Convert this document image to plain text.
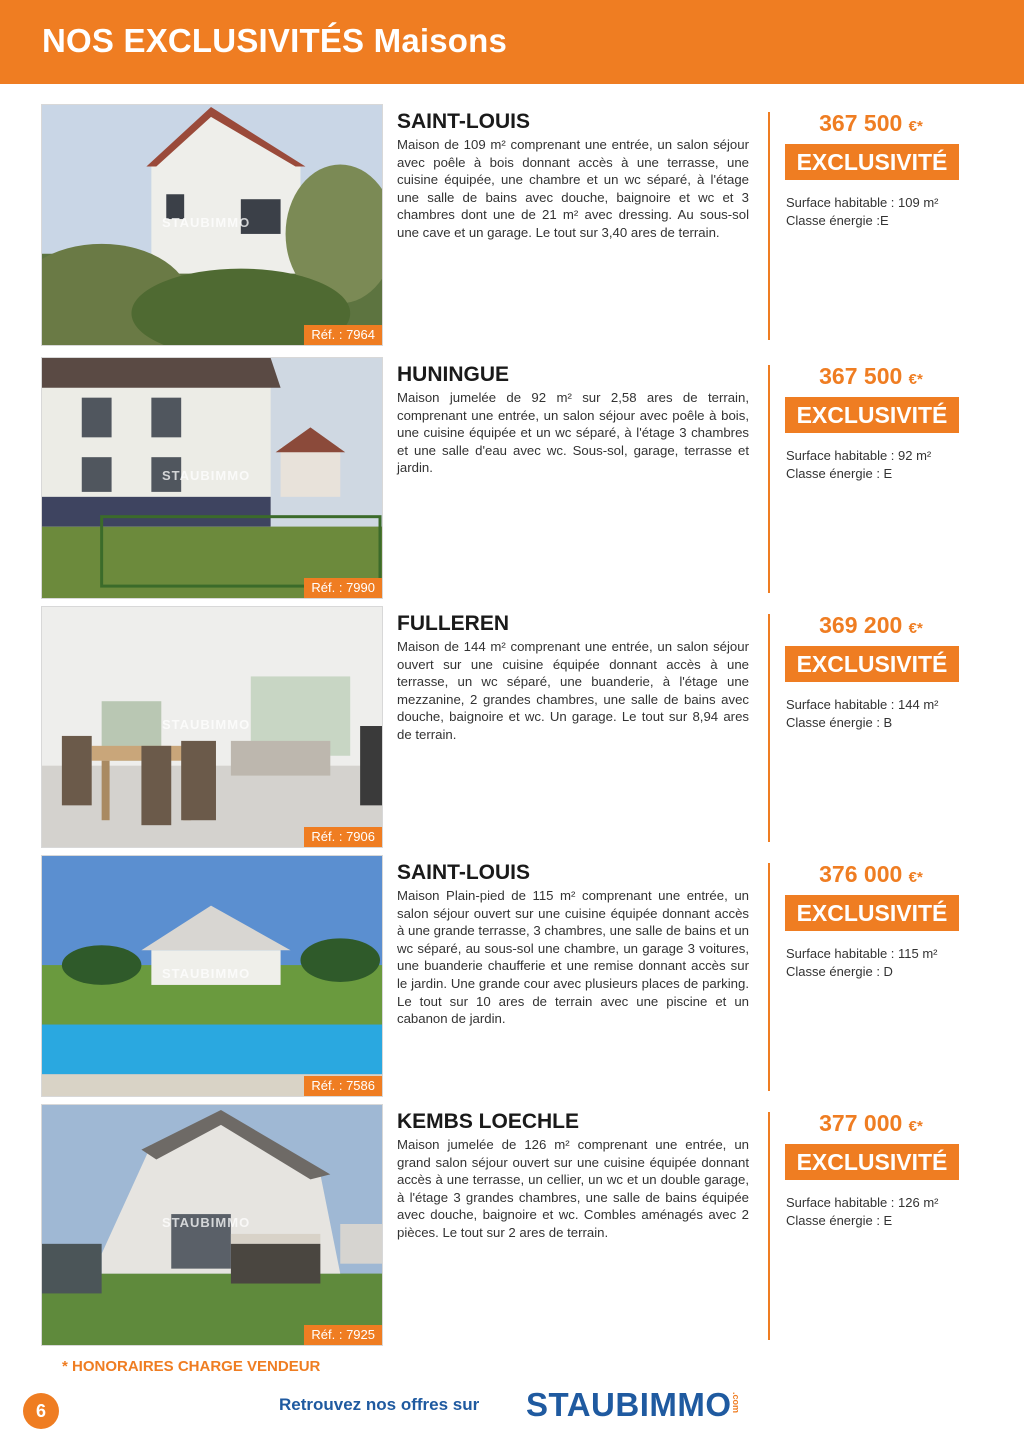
NOS EXCLUSIVITÉS Maisons
STAUBIMMO
Réf. : 7964
SAINT-LOUIS
Maison de 109 m² comprenant une entrée, un salon séjour avec poêle à bois donnant accès à une terrasse, une cuisine équipée, une chambre et un wc séparé, à l'étage une salle de bains avec douche, baignoire et wc et 3 chambres dont une de 21 m² avec dressing. Au sous-sol une cave et un garage. Le tout sur 3,40 ares de terrain.
367 500 €*
EXCLUSIVITÉ
Surface habitable : 109 m²
Classe énergie :E
STAUBIMMO
Réf. : 7990
HUNINGUE
Maison jumelée de 92 m² sur 2,58 ares de terrain, comprenant une entrée, un salon séjour avec poêle à bois, une cuisine équipée et un wc séparé, à l'étage 3 chambres et une salle d'eau avec wc. Sous-sol, garage, terrasse et jardin.
367 500 €*
EXCLUSIVITÉ
Surface habitable : 92 m²
Classe énergie : E
STAUBIMMO
Réf. : 7906
FULLEREN
Maison de 144 m² comprenant une entrée, un salon séjour ouvert sur une cuisine équipée donnant accès à une terrasse, un wc séparé, une buanderie, à l'étage une mezzanine, 2 grandes chambres, une salle de bains avec douche, baignoire et wc. Un garage. Le tout sur 8,94 ares de terrain.
369 200 €*
EXCLUSIVITÉ
Surface habitable : 144 m²
Classe énergie : B
STAUBIMMO
Réf. : 7586
SAINT-LOUIS
Maison Plain-pied de 115 m² comprenant une entrée, un salon séjour ouvert sur une cuisine équipée donnant accès à une grande terrasse, 3 chambres, une salle de bains et un wc séparé, au sous-sol une chambre, un garage 3 voitures, une buanderie chaufferie et une remise donnant accès sur le jardin. Une grande cour avec plusieurs places de parking. Le tout sur 10 ares de terrain avec une piscine et un cabanon de jardin.
376 000 €*
EXCLUSIVITÉ
Surface habitable : 115 m²
Classe énergie : D
STAUBIMMO
Réf. : 7925
KEMBS LOECHLE
Maison jumelée de 126 m² comprenant une entrée, un grand salon séjour ouvert sur une cuisine équipée donnant accès à une terrasse, un cellier, un wc et un double garage, à l'étage 3 grandes chambres, une salle de bains équipée avec douche, baignoire et wc. Combles aménagés avec 2 pièces. Le tout sur 2 ares de terrain.
377 000 €*
EXCLUSIVITÉ
Surface habitable : 126 m²
Classe énergie : E
* HONORAIRES CHARGE VENDEUR
6	Retrouvez nos offres sur STAUBIMMO .com
